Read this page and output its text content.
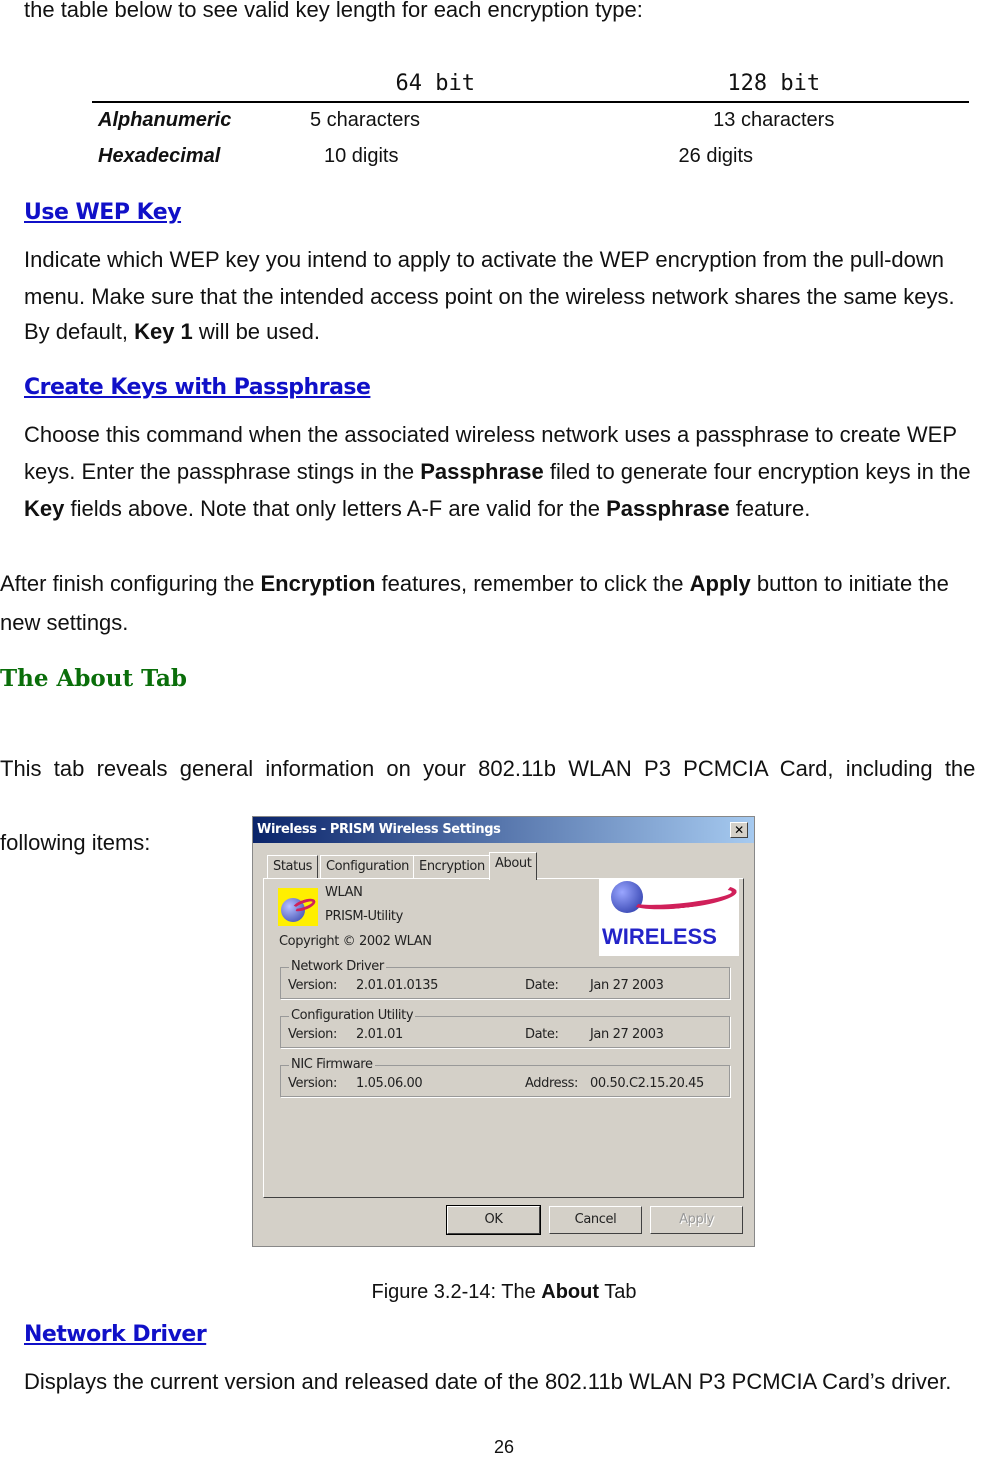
the table below to see valid key length for each encryption type:
	64 bit	128 bit
Alphanumeric	5 characters	13 characters
Hexadecimal	10 digits	26 digits
Use WEP Key
Indicate which WEP key you intend to apply to activate the WEP encryption from the pull-down
menu. Make sure that the intended access point on the wireless network shares the same keys.
By default, Key 1 will be used.
Create Keys with Passphrase
Choose this command when the associated wireless network uses a passphrase to create WEP
keys. Enter the passphrase stings in the Passphrase filed to generate four encryption keys in the
Key fields above. Note that only letters A-F are valid for the Passphrase feature.
After finish configuring the Encryption features, remember to click the Apply button to initiate the
new settings.
The About Tab

This  tab  reveals  general  information  on  your  802.11b  WLAN  P3  PCMCIA  Card,  including  the

following items:

Wireless - PRISM Wireless Settings	✕
Status	Configuration Encryption About
WLAN
PRISM-Utility
Copyright © 2002 WLAN	WIRELESS
Network Driver
Version: 2.01.01.0135	Date: Jan 27 2003
Configuration Utility
Version: 2.01.01	Date: Jan 27 2003
NIC Firmware
Version: 1.05.06.00	Address: 00.50.C2.15.20.45
OK	Cancel	Apply
Figure 3.2-14: The About Tab
Network Driver
Displays the current version and released date of the 802.11b WLAN P3 PCMCIA Card’s driver.
26
